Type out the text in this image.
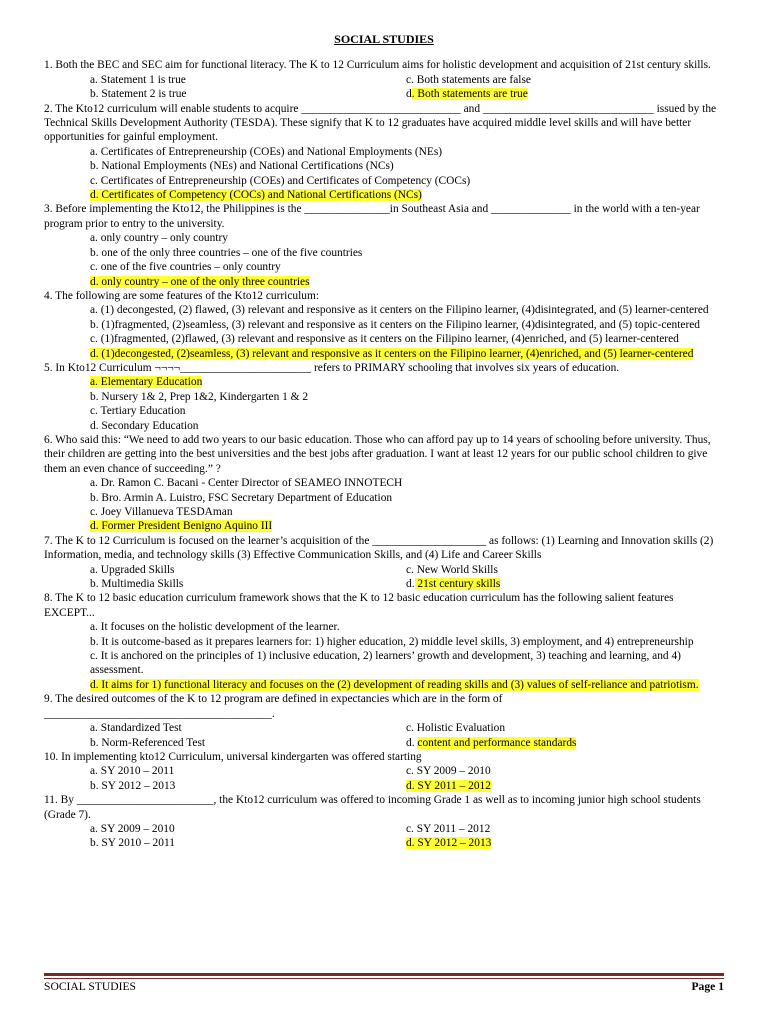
SOCIAL STUDIES
1. Both the BEC and SEC aim for functional literacy. The K to 12 Curriculum aims for holistic development and acquisition of 21st century skills.
a. Statement 1 is true	c. Both statements are false
b. Statement 2 is true	d. Both statements are true
2. The Kto12 curriculum will enable students to acquire ____________________________ and ______________________________ issued by the Technical Skills Development Authority (TESDA). These signify that K to 12 graduates have acquired middle level skills and will have better opportunities for gainful employment.
a. Certificates of Entrepreneurship (COEs) and National Employments (NEs)
b. National Employments (NEs) and National Certifications (NCs)
c. Certificates of Entrepreneurship (COEs) and Certificates of Competency (COCs)
d. Certificates of Competency (COCs) and National Certifications (NCs)
3. Before implementing the Kto12, the Philippines is the _______________in Southeast Asia and ______________ in the world with a ten-year program prior to entry to the university.
a. only country – only country
b. one of the only three countries – one of the five countries
c. one of the five countries – only country
d. only country – one of the only three countries
4. The following are some features of the Kto12 curriculum:
a. (1) decongested, (2) flawed, (3) relevant and responsive as it centers on the Filipino learner, (4)disintegrated, and (5) learner-centered
b. (1)fragmented, (2)seamless, (3) relevant and responsive as it centers on the Filipino learner, (4)disintegrated, and (5) topic-centered
c. (1)fragmented, (2)flawed, (3) relevant and responsive as it centers on the Filipino learner, (4)enriched, and (5) learner-centered
d. (1)decongested, (2)seamless, (3) relevant and responsive as it centers on the Filipino learner, (4)enriched, and (5) learner-centered
5. In Kto12 Curriculum ¬¬¬¬_______________________ refers to PRIMARY schooling that involves six years of education.
a. Elementary Education
b. Nursery 1& 2, Prep 1&2, Kindergarten 1 & 2
c. Tertiary Education
d. Secondary Education
6. Who said this: “We need to add two years to our basic education. Those who can afford pay up to 14 years of schooling before university. Thus, their children are getting into the best universities and the best jobs after graduation. I want at least 12 years for our public school children to give them an even chance of succeeding.” ?
a. Dr. Ramon C. Bacani - Center Director of SEAMEO INNOTECH
b. Bro. Armin A. Luistro, FSC Secretary Department of Education
c. Joey Villanueva TESDAman
d. Former President Benigno Aquino III
7. The K to 12 Curriculum is focused on the learner’s acquisition of the ____________________ as follows: (1) Learning and Innovation skills (2) Information, media, and technology skills (3) Effective Communication Skills, and (4) Life and Career Skills
a. Upgraded Skills	c. New World Skills
b. Multimedia Skills	d. 21st century skills
8. The K to 12 basic education curriculum framework shows that the K to 12 basic education curriculum has the following salient features EXCEPT...
a. It focuses on the holistic development of the learner.
b. It is outcome-based as it prepares learners for: 1) higher education, 2) middle level skills, 3) employment, and 4) entrepreneurship
c. It is anchored on the principles of 1) inclusive education, 2) learners’ growth and development, 3) teaching and learning, and 4) assessment.
d. It aims for 1) functional literacy and focuses on the (2) development of reading skills and (3) values of self-reliance and patriotism.
9. The desired outcomes of the K to 12 program are defined in expectancies which are in the form of ________________________________________.
a. Standardized Test	c. Holistic Evaluation
b. Norm-Referenced Test	d. content and performance standards
10. In implementing kto12 Curriculum, universal kindergarten was offered starting
a. SY 2010 – 2011	c. SY 2009 – 2010
b. SY 2012 – 2013	d. SY 2011 – 2012
11. By ________________________, the Kto12 curriculum was offered to incoming Grade 1 as well as to incoming junior high school students (Grade 7).
a. SY 2009 – 2010	c. SY 2011 – 2012
b. SY 2010 – 2011	d. SY 2012 – 2013
SOCIAL STUDIES	Page 1
